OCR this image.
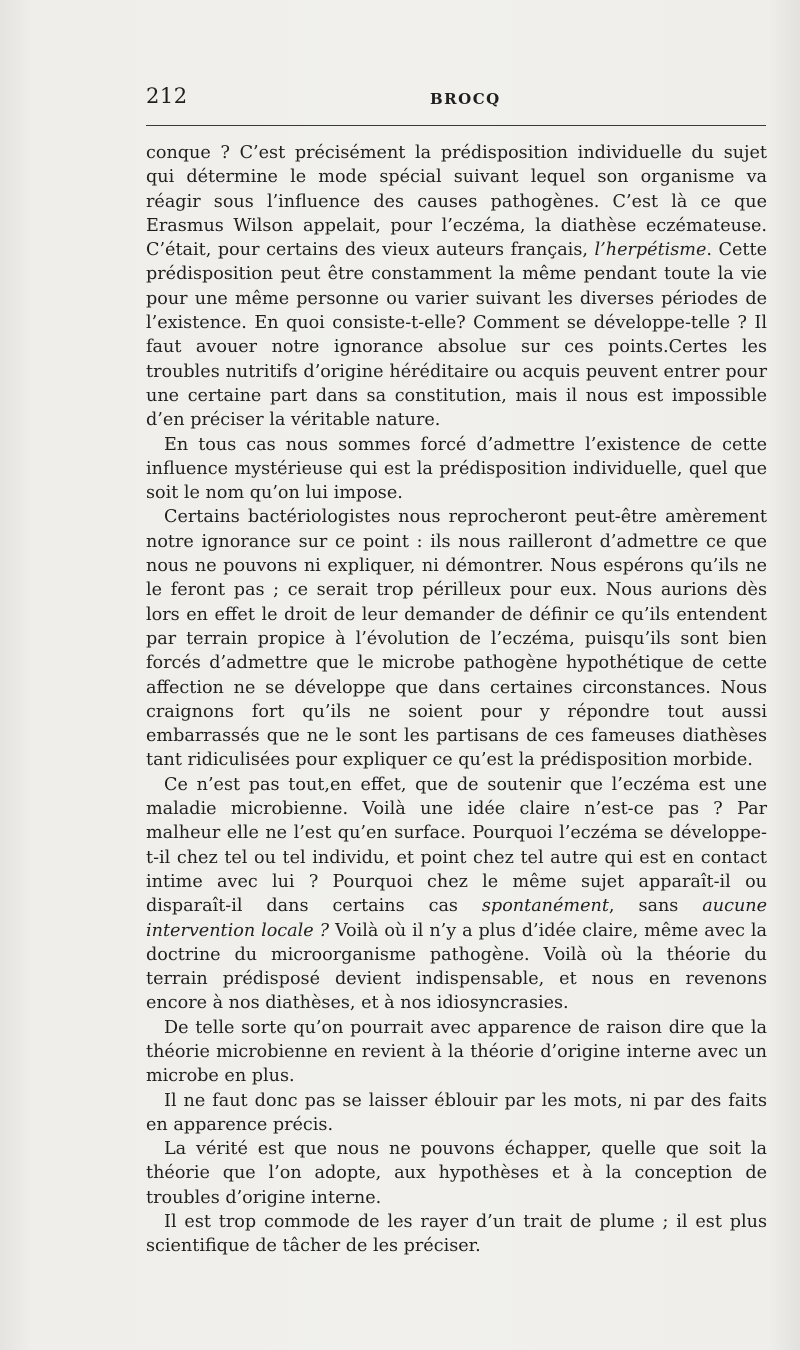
212	BROCQ

conque ? C’est précisément la prédisposition individuelle du sujet qui détermine le mode spécial suivant lequel son organisme va réagir sous l’influence des causes pathogènes. C’est là ce que Erasmus Wilson appelait, pour l’eczéma, la diathèse eczémateuse. C’était, pour certains des vieux auteurs français, l’herpétisme. Cette prédisposition peut être constamment la même pendant toute la vie pour une même personne ou varier suivant les diverses périodes de l’existence. En quoi consiste-t-elle? Comment se développe-telle ? Il faut avouer notre ignorance absolue sur ces points.Certes les troubles nutritifs d’origine héréditaire ou acquis peuvent entrer pour une certaine part dans sa constitution, mais il nous est impossible d’en préciser la véritable nature.

En tous cas nous sommes forcé d’admettre l’existence de cette influence mystérieuse qui est la prédisposition individuelle, quel que soit le nom qu’on lui impose.

Certains bactériologistes nous reprocheront peut-être amèrement notre ignorance sur ce point : ils nous railleront d’admettre ce que nous ne pouvons ni expliquer, ni démontrer. Nous espérons qu’ils ne le feront pas ; ce serait trop périlleux pour eux. Nous aurions dès lors en effet le droit de leur demander de définir ce qu’ils entendent par terrain propice à l’évolution de l’eczéma, puisqu’ils sont bien forcés d’admettre que le microbe pathogène hypothétique de cette affection ne se développe que dans certaines circonstances. Nous craignons fort qu’ils ne soient pour y répondre tout aussi embarrassés que ne le sont les partisans de ces fameuses diathèses tant ridiculisées pour expliquer ce qu’est la prédisposition morbide.

Ce n’est pas tout,en effet, que de soutenir que l’eczéma est une maladie microbienne. Voilà une idée claire n’est-ce pas ? Par malheur elle ne l’est qu’en surface. Pourquoi l’eczéma se développe-t-il chez tel ou tel individu, et point chez tel autre qui est en contact intime avec lui ? Pourquoi chez le même sujet apparaît-il ou disparaît-il dans certains cas spontanément, sans aucune intervention locale ? Voilà où il n’y a plus d’idée claire, même avec la doctrine du microorganisme pathogène. Voilà où la théorie du terrain prédisposé devient indispensable, et nous en revenons encore à nos diathèses, et à nos idiosyncrasies.

De telle sorte qu’on pourrait avec apparence de raison dire que la théorie microbienne en revient à la théorie d’origine interne avec un microbe en plus.

Il ne faut donc pas se laisser éblouir par les mots, ni par des faits en apparence précis.

La vérité est que nous ne pouvons échapper, quelle que soit la théorie que l’on adopte, aux hypothèses et à la conception de troubles d’origine interne.

Il est trop commode de les rayer d’un trait de plume ; il est plus scientifique de tâcher de les préciser.
